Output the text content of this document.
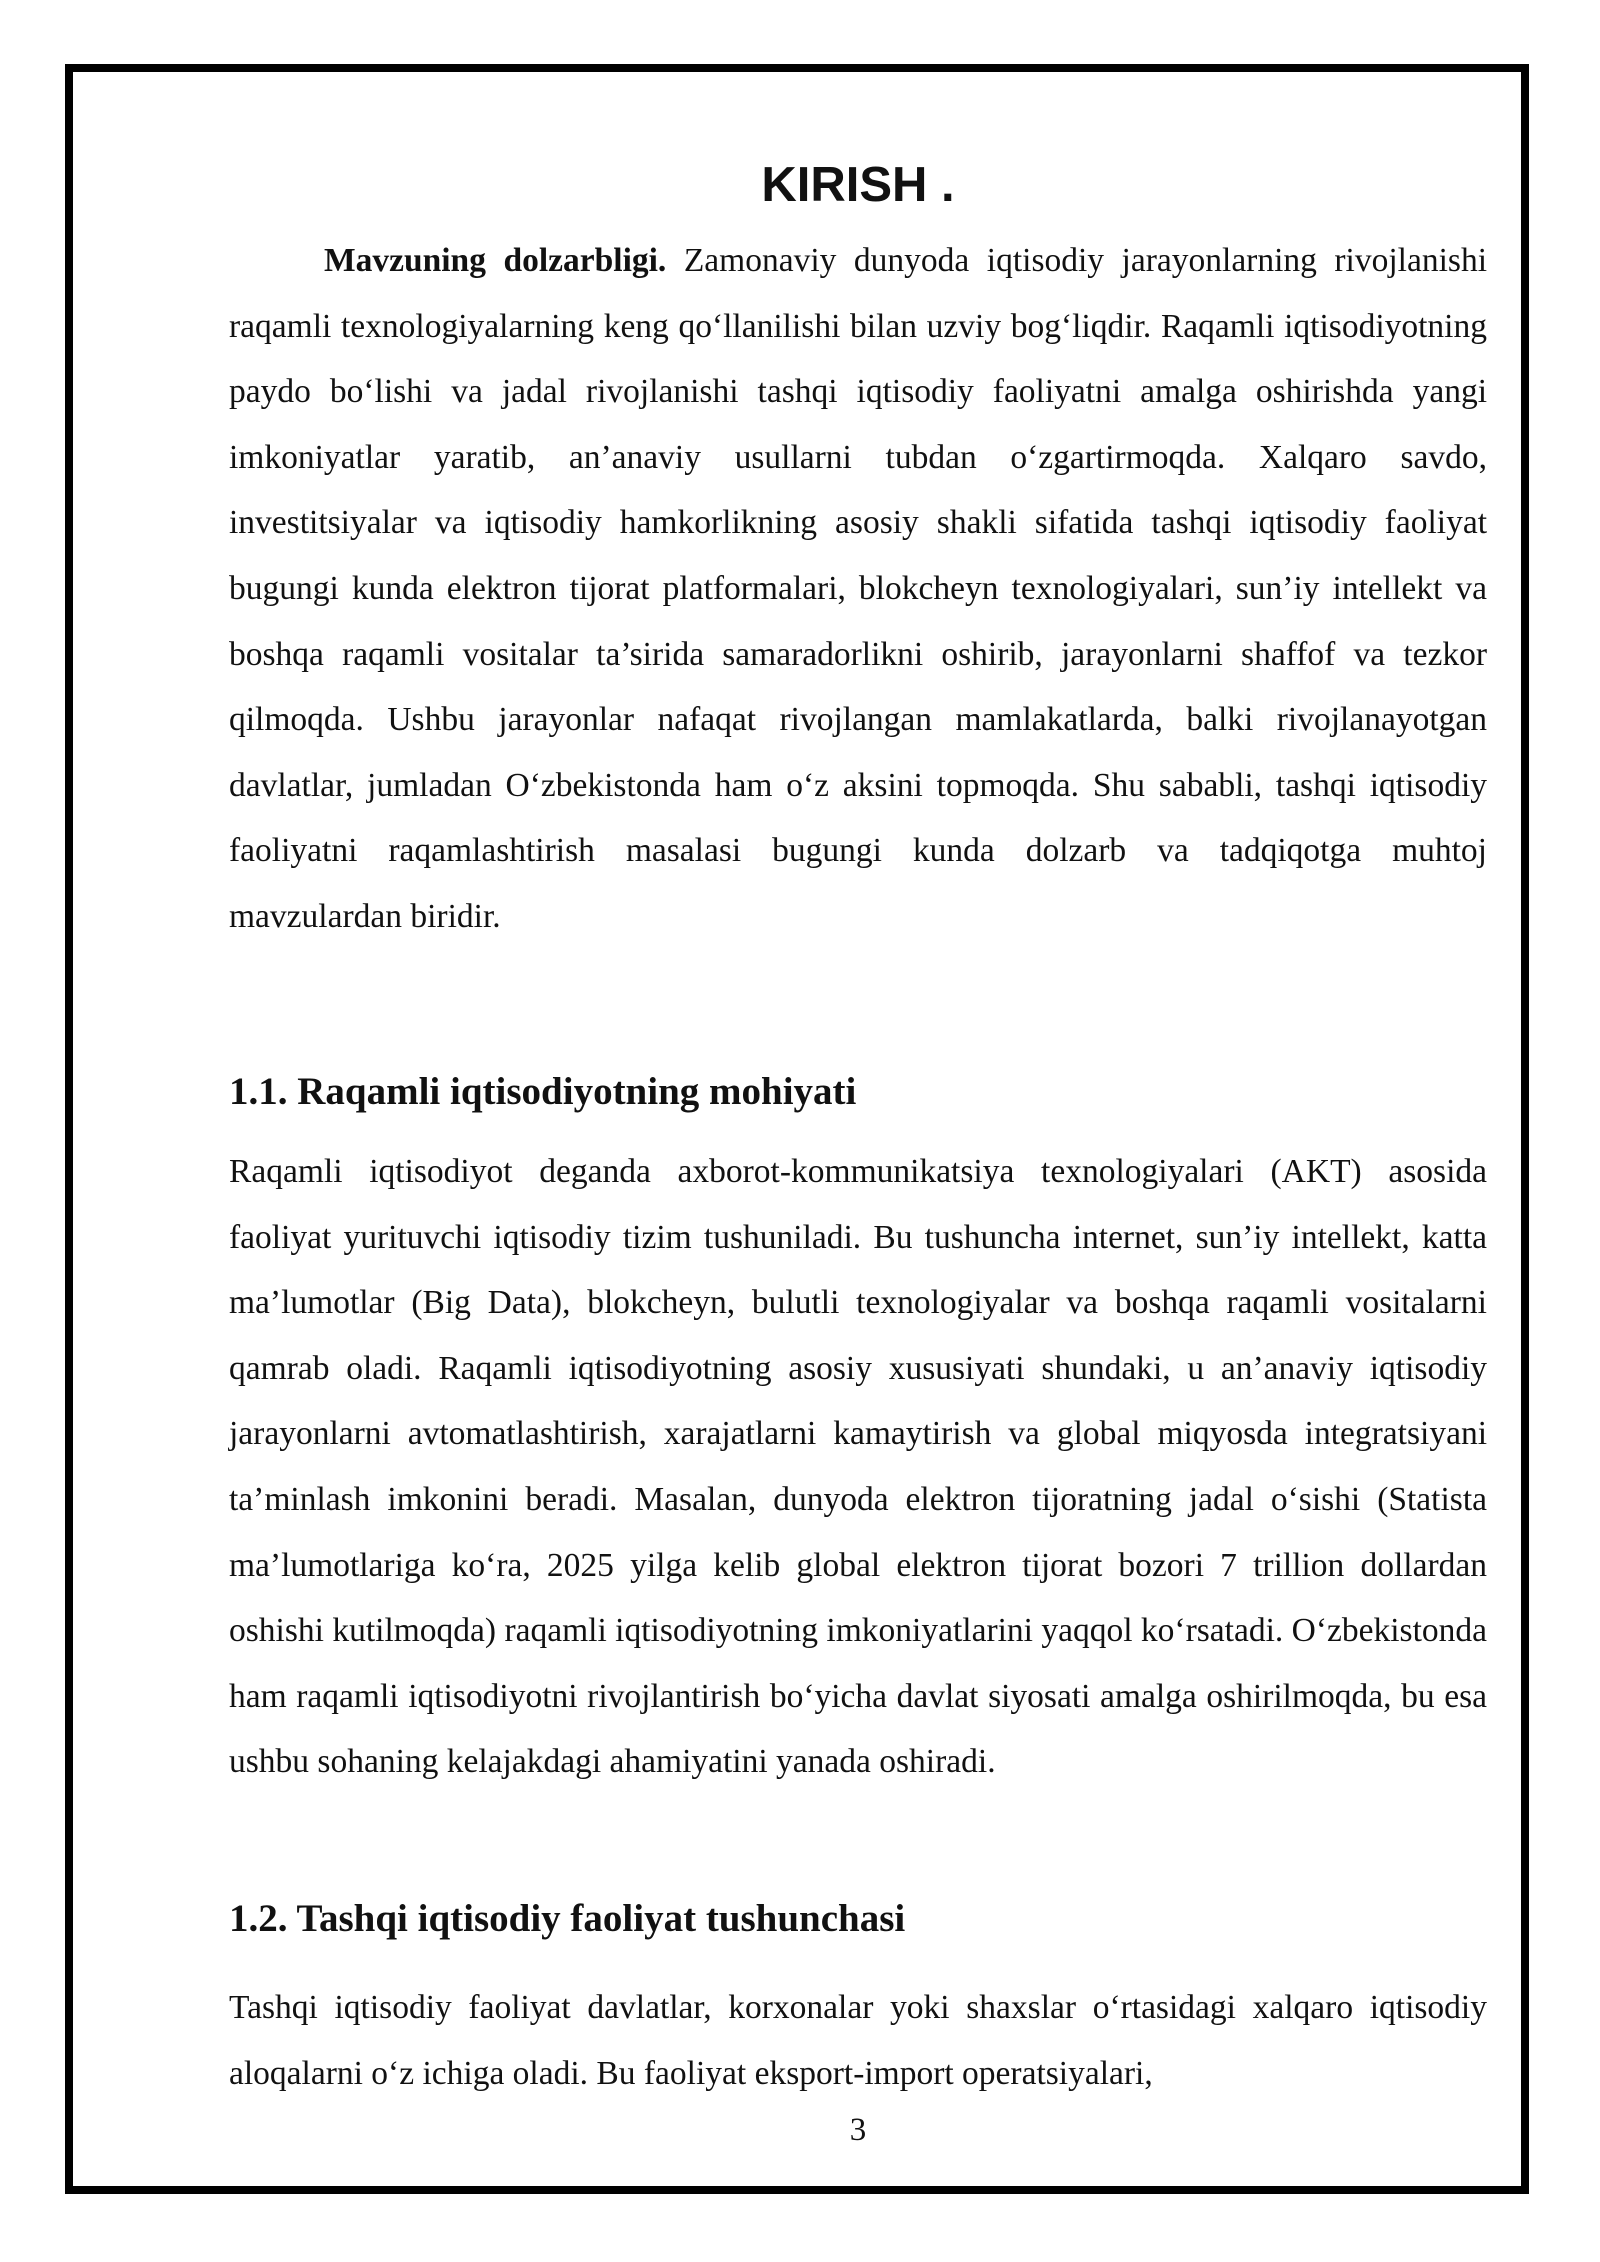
KIRISH .

Mavzuning dolzarbligi. Zamonaviy dunyoda iqtisodiy jarayonlarning rivojlanishi raqamli texnologiyalarning keng qo‘llanilishi bilan uzviy bog‘liqdir. Raqamli iqtisodiyotning paydo bo‘lishi va jadal rivojlanishi tashqi iqtisodiy faoliyatni amalga oshirishda yangi imkoniyatlar yaratib, an’anaviy usullarni tubdan o‘zgartirmoqda. Xalqaro savdo, investitsiyalar va iqtisodiy hamkorlikning asosiy shakli sifatida tashqi iqtisodiy faoliyat bugungi kunda elektron tijorat platformalari, blokcheyn texnologiyalari, sun’iy intellekt va boshqa raqamli vositalar ta’sirida samaradorlikni oshirib, jarayonlarni shaffof va tezkor qilmoqda. Ushbu jarayonlar nafaqat rivojlangan mamlakatlarda, balki rivojlanayotgan davlatlar, jumladan O‘zbekistonda ham o‘z aksini topmoqda. Shu sababli, tashqi iqtisodiy faoliyatni raqamlashtirish masalasi bugungi kunda dolzarb va tadqiqotga muhtoj mavzulardan biridir.

1.1. Raqamli iqtisodiyotning mohiyati

Raqamli iqtisodiyot deganda axborot-kommunikatsiya texnologiyalari (AKT) asosida faoliyat yurituvchi iqtisodiy tizim tushuniladi. Bu tushuncha internet, sun’iy intellekt, katta ma’lumotlar (Big Data), blokcheyn, bulutli texnologiyalar va boshqa raqamli vositalarni qamrab oladi. Raqamli iqtisodiyotning asosiy xususiyati shundaki, u an’anaviy iqtisodiy jarayonlarni avtomatlashtirish, xarajatlarni kamaytirish va global miqyosda integratsiyani ta’minlash imkonini beradi. Masalan, dunyoda elektron tijoratning jadal o‘sishi (Statista ma’lumotlariga ko‘ra, 2025 yilga kelib global elektron tijorat bozori 7 trillion dollardan oshishi kutilmoqda) raqamli iqtisodiyotning imkoniyatlarini yaqqol ko‘rsatadi. O‘zbekistonda ham raqamli iqtisodiyotni rivojlantirish bo‘yicha davlat siyosati amalga oshirilmoqda, bu esa ushbu sohaning kelajakdagi ahamiyatini yanada oshiradi.

1.2. Tashqi iqtisodiy faoliyat tushunchasi

Tashqi iqtisodiy faoliyat davlatlar, korxonalar yoki shaxslar o‘rtasidagi xalqaro iqtisodiy aloqalarni o‘z ichiga oladi. Bu faoliyat eksport-import operatsiyalari,

3
